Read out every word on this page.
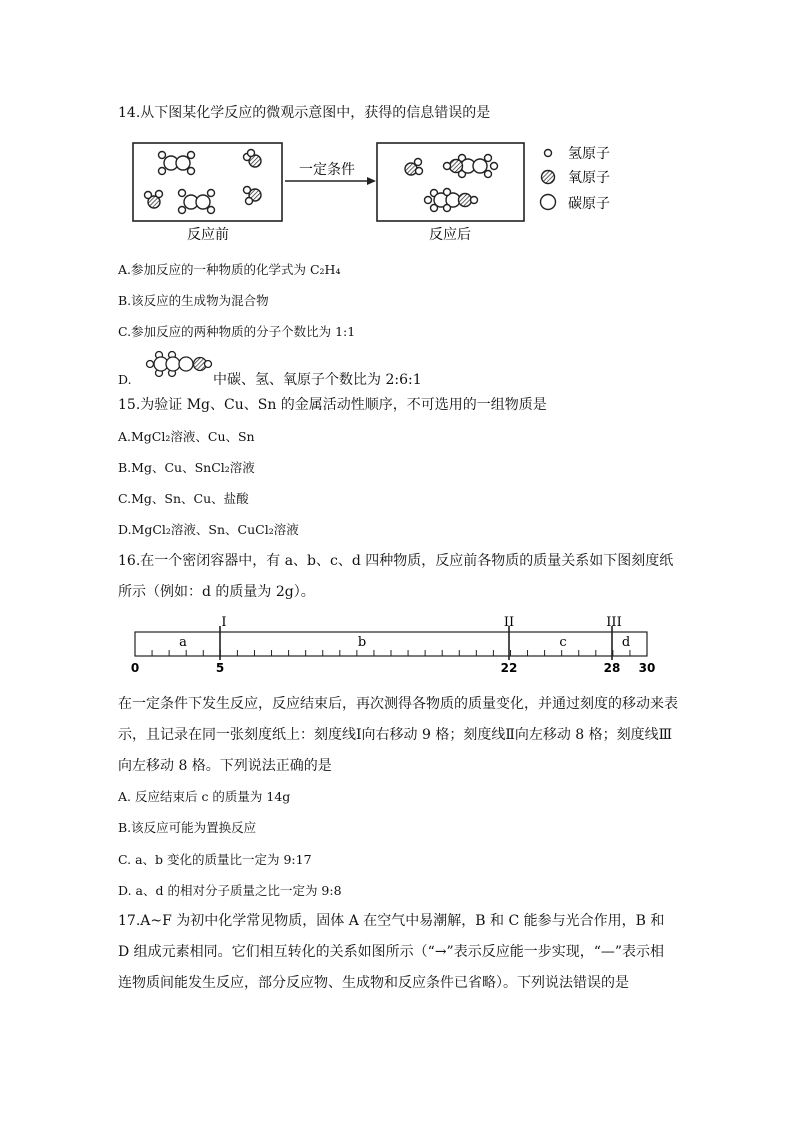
14.从下图某化学反应的微观示意图中，获得的信息错误的是
一定条件
氢原子
氧原子
碳原子
反应前	反应后
A.参加反应的一种物质的化学式为 C₂H₄
B.该反应的生成物为混合物
C.参加反应的两种物质的分子个数比为 1:1
D.	中碳、氢、氧原子个数比为 2:6:1
15.为验证 Mg、Cu、Sn 的金属活动性顺序，不可选用的一组物质是
A.MgCl₂溶液、Cu、Sn
B.Mg、Cu、SnCl₂溶液
C.Mg、Sn、Cu、盐酸
D.MgCl₂溶液、Sn、CuCl₂溶液
16.在一个密闭容器中，有 a、b、c、d 四种物质，反应前各物质的质量关系如下图刻度纸
所示（例如：d 的质量为 2g）。
I	II	III
a	b	c	d
0	5	22	28 30
在一定条件下发生反应，反应结束后，再次测得各物质的质量变化，并通过刻度的移动来表示，且记录在同一张刻度纸上：刻度线Ⅰ向右移动 9 格；刻度线Ⅱ向左移动 8 格；刻度线Ⅲ向左移动 8 格。下列说法正确的是
A. 反应结束后 c 的质量为 14g
B.该反应可能为置换反应
C. a、b 变化的质量比一定为 9:17
D. a、d 的相对分子质量之比一定为 9:8
17.A~F 为初中化学常见物质，固体 A 在空气中易潮解，B 和 C 能参与光合作用，B 和 D 组成元素相同。它们相互转化的关系如图所示（“→”表示反应能一步实现，“—”表示相连物质间能发生反应，部分反应物、生成物和反应条件已省略）。下列说法错误的是
